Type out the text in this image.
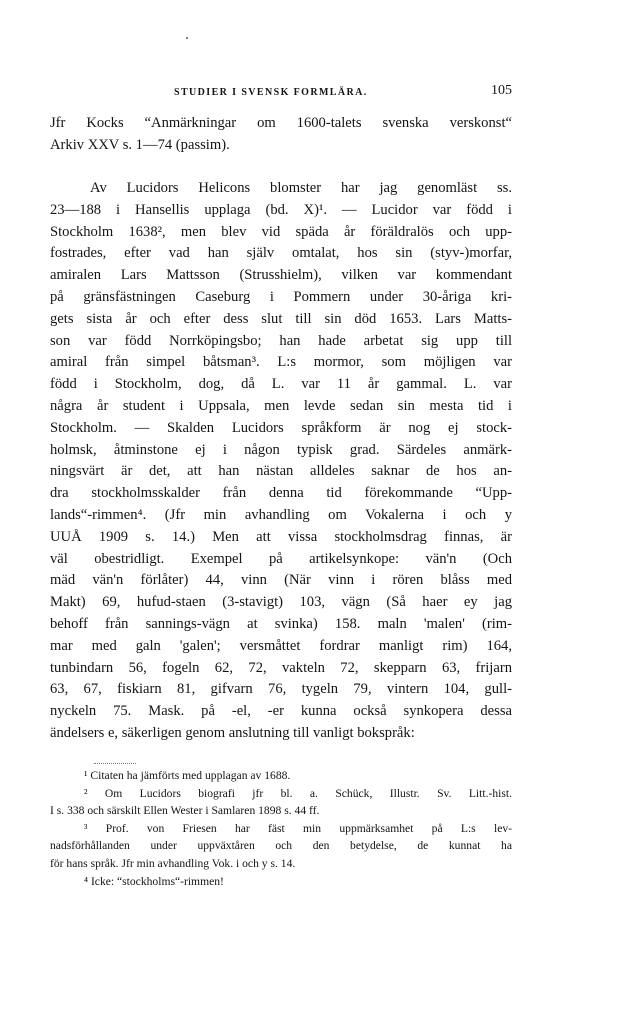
STUDIER I SVENSK FORMLÄRA.	105
Jfr Kocks “Anmärkningar om 1600-talets svenska verskonst“
Arkiv XXV s. 1—74 (passim).
Av Lucidors Helicons blomster har jag genomläst ss.
23—188 i Hansellis upplaga (bd. X)¹. — Lucidor var född i
Stockholm 1638², men blev vid späda år föräldralös och upp-
fostrades, efter vad han själv omtalat, hos sin (styv-)morfar,
amiralen Lars Mattsson (Strusshielm), vilken var kommendant
på gränsfästningen Caseburg i Pommern under 30-åriga kri-
gets sista år och efter dess slut till sin död 1653. Lars Matts-
son var född Norrköpingsbo; han hade arbetat sig upp till
amiral från simpel båtsman³. L:s mormor, som möjligen var
född i Stockholm, dog, då L. var 11 år gammal. L. var
några år student i Uppsala, men levde sedan sin mesta tid i
Stockholm. — Skalden Lucidors språkform är nog ej stock-
holmsk, åtminstone ej i någon typisk grad. Särdeles anmärk-
ningsvärt är det, att han nästan alldeles saknar de hos an-
dra stockholmsskalder från denna tid förekommande “Upp-
lands“-rimmen⁴. (Jfr min avhandling om Vokalerna i och y
UUÅ 1909 s. 14.) Men att vissa stockholmsdrag finnas, är
väl obestridligt. Exempel på artikelsynkope: vän'n (Och
mäd vän'n förlåter) 44, vinn (När vinn i rören blåss med
Makt) 69, hufud-staen (3-stavigt) 103, vägn (Så haer ey jag
behoff från sannings-vägn at svinka) 158. maln 'malen' (rim-
mar med galn 'galen'; versmåttet fordrar manligt rim) 164,
tunbindarn 56, fogeln 62, 72, vakteln 72, skepparn 63, frijarn
63, 67, fiskiarn 81, gifvarn 76, tygeln 79, vintern 104, gull-
nyckeln 75. Mask. på -el, -er kunna också synkopera dessa
ändelsers e, säkerligen genom anslutning till vanligt bokspråk:
¹ Citaten ha jämförts med upplagan av 1688.
² Om Lucidors biografi jfr bl. a. Schück, Illustr. Sv. Litt.-hist.
I s. 338 och särskilt Ellen Wester i Samlaren 1898 s. 44 ff.
³ Prof. von Friesen har fäst min uppmärksamhet på L:s lev-
nadsförhållanden under uppväxtåren och den betydelse, de kunnat ha
för hans språk. Jfr min avhandling Vok. i och y s. 14.
⁴ Icke: “stockholms“-rimmen!
